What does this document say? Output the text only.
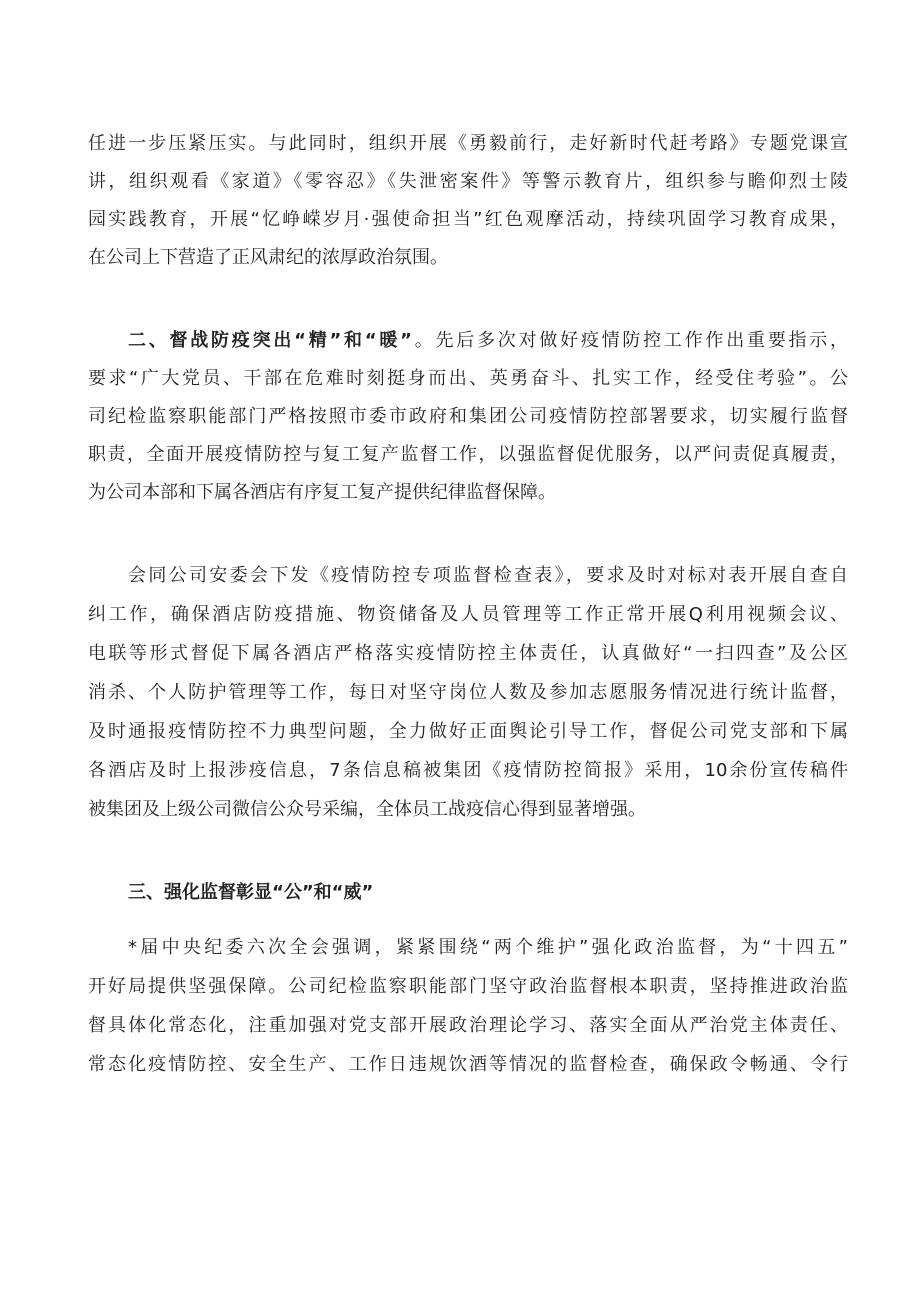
任进一步压紧压实。与此同时，组织开展《勇毅前行，走好新时代赶考路》专题党课宣
讲，组织观看《家道》《零容忍》《失泄密案件》等警示教育片，组织参与瞻仰烈士陵
园实践教育，开展“忆峥嵘岁月·强使命担当”红色观摩活动，持续巩固学习教育成果，
在公司上下营造了正风肃纪的浓厚政治氛围。
二、督战防疫突出“精”和“暖”。先后多次对做好疫情防控工作作出重要指示，
要求“广大党员、干部在危难时刻挺身而出、英勇奋斗、扎实工作，经受住考验”。公
司纪检监察职能部门严格按照市委市政府和集团公司疫情防控部署要求，切实履行监督
职责，全面开展疫情防控与复工复产监督工作，以强监督促优服务，以严问责促真履责，
为公司本部和下属各酒店有序复工复产提供纪律监督保障。
会同公司安委会下发《疫情防控专项监督检查表》，要求及时对标对表开展自查自
纠工作，确保酒店防疫措施、物资储备及人员管理等工作正常开展Q利用视频会议、
电联等形式督促下属各酒店严格落实疫情防控主体责任，认真做好“一扫四查”及公区
消杀、个人防护管理等工作，每日对坚守岗位人数及参加志愿服务情况进行统计监督，
及时通报疫情防控不力典型问题，全力做好正面舆论引导工作，督促公司党支部和下属
各酒店及时上报涉疫信息，7条信息稿被集团《疫情防控简报》采用，10余份宣传稿件
被集团及上级公司微信公众号采编，全体员工战疫信心得到显著增强。
三、强化监督彰显“公”和“威”
*届中央纪委六次全会强调，紧紧围绕“两个维护”强化政治监督，为“十四五”
开好局提供坚强保障。公司纪检监察职能部门坚守政治监督根本职责，坚持推进政治监
督具体化常态化，注重加强对党支部开展政治理论学习、落实全面从严治党主体责任、
常态化疫情防控、安全生产、工作日违规饮酒等情况的监督检查，确保政令畅通、令行
